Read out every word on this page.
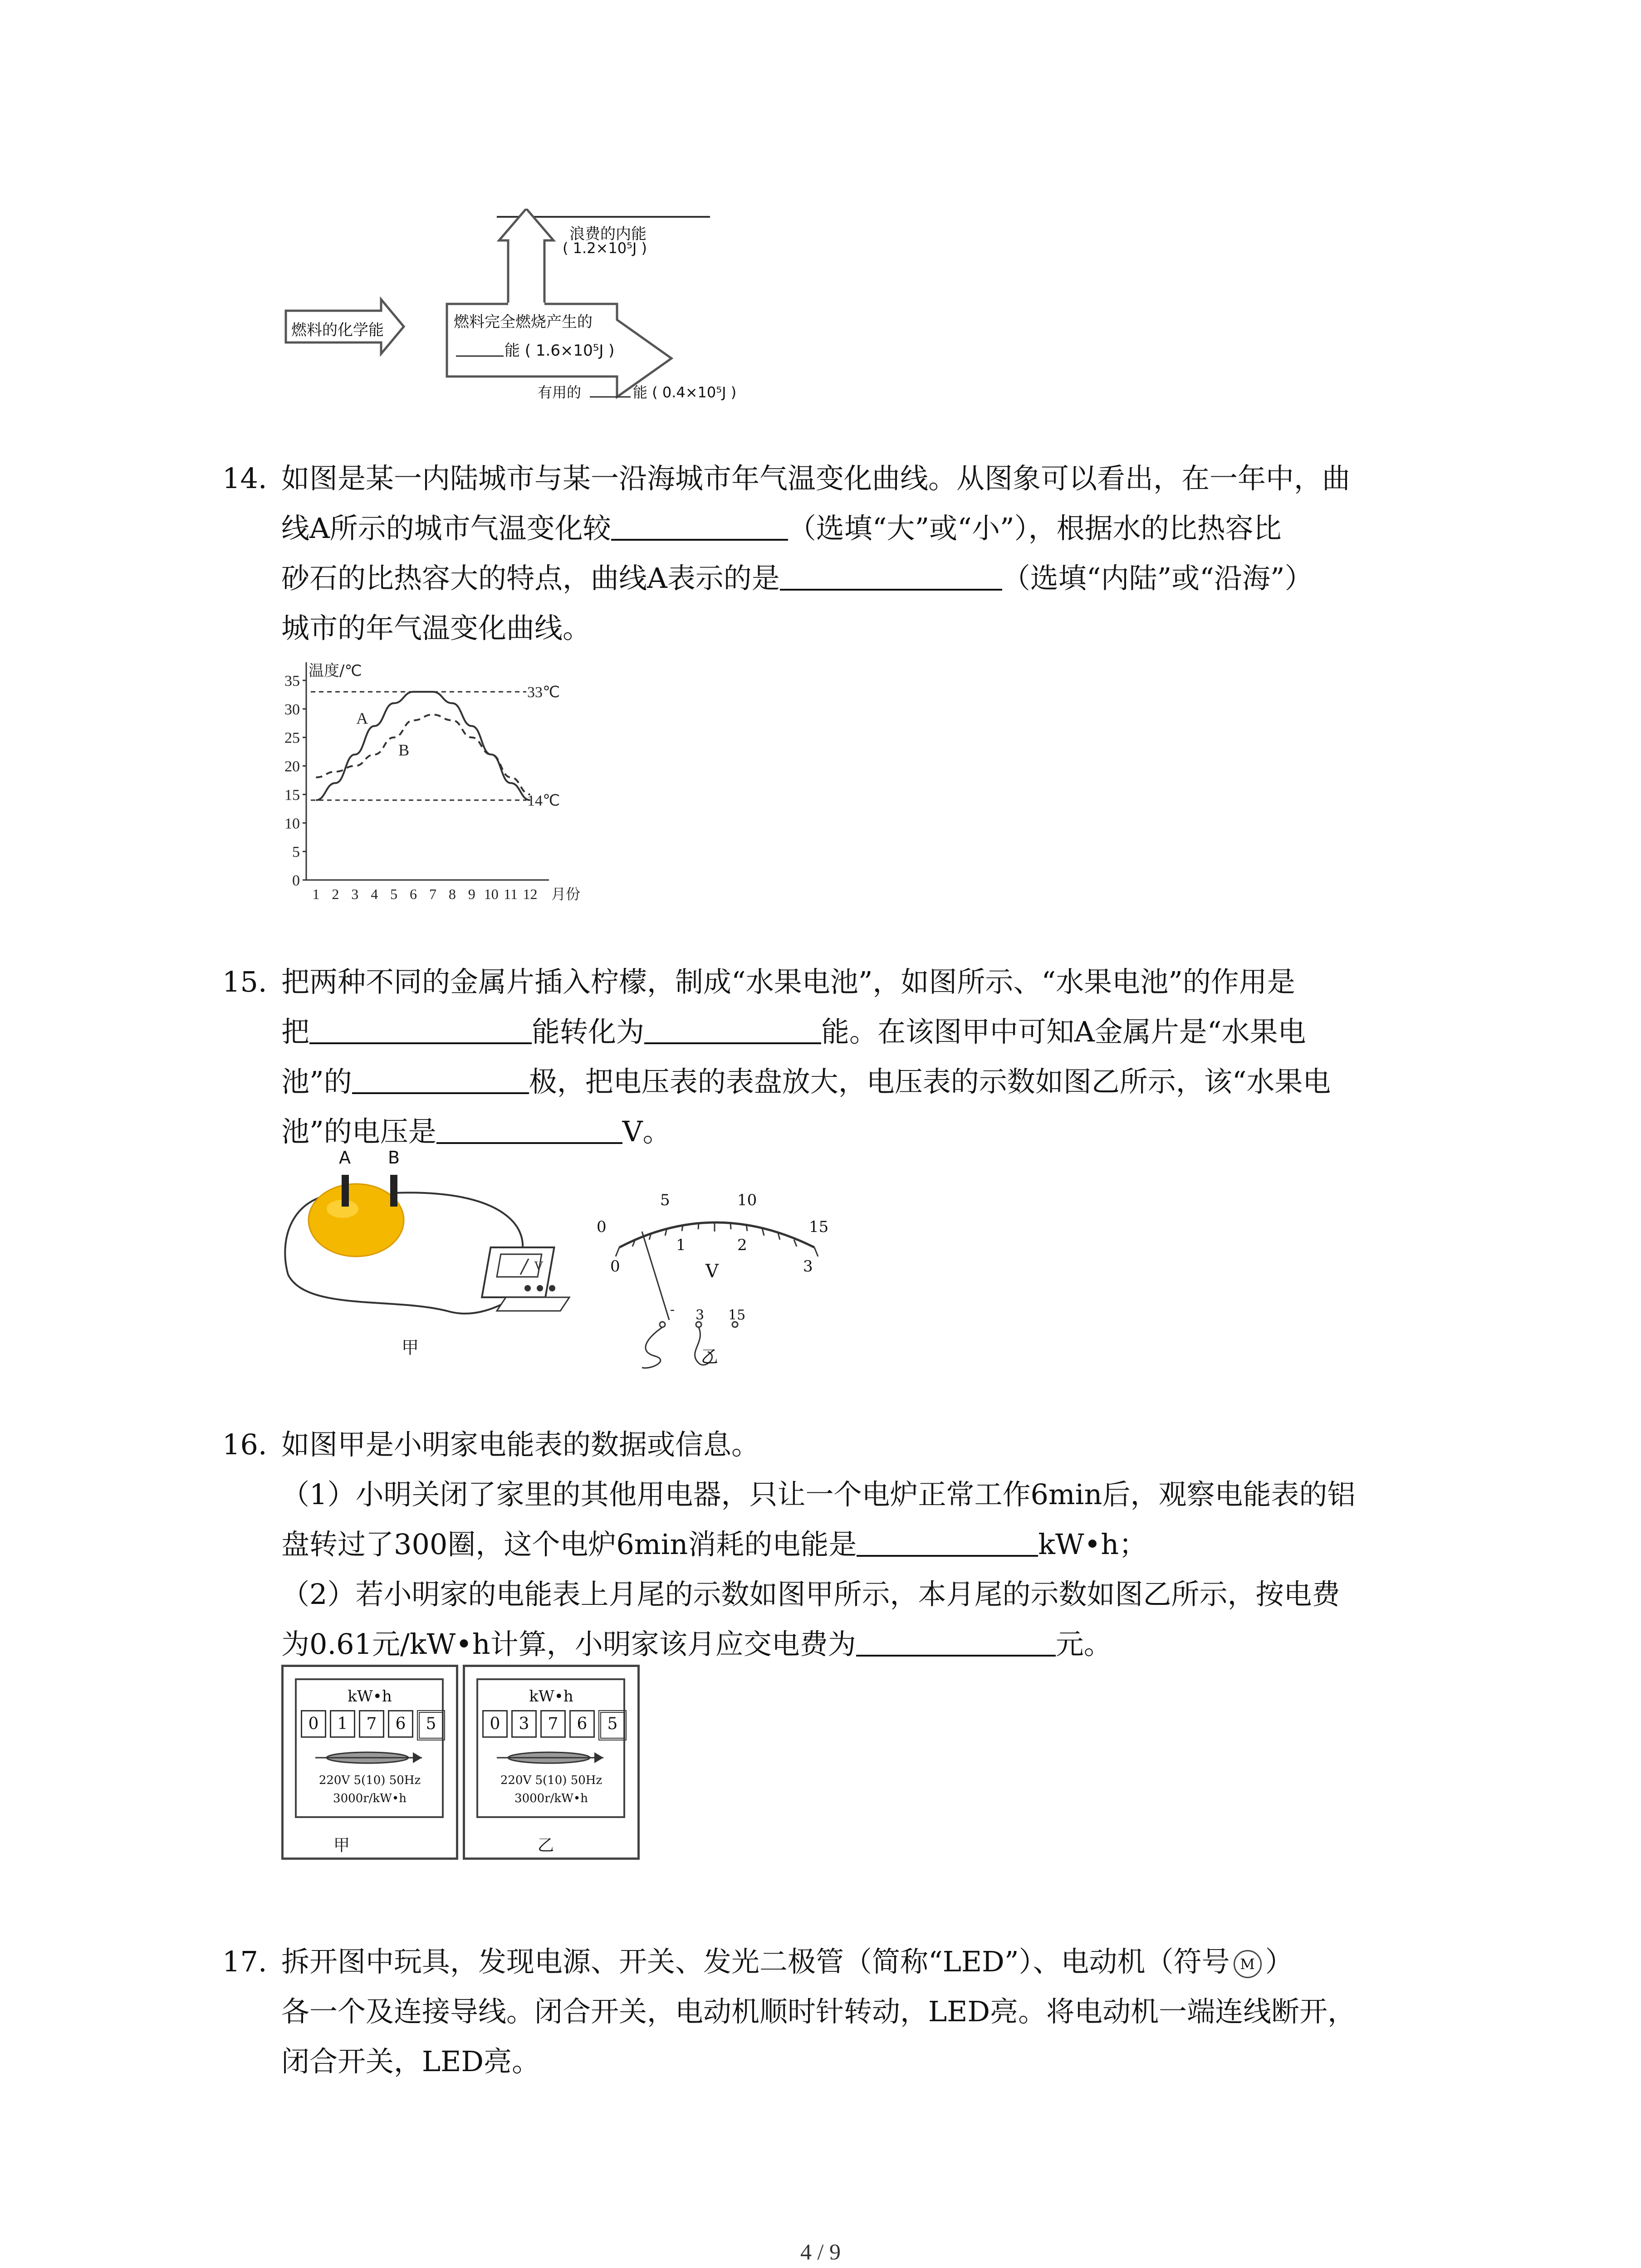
浪费的内能
( 1.2×10⁵J )
燃料的化学能	燃料完全燃烧产生的
能 ( 1.6×10⁵J )
有用的	能 ( 0.4×10⁵J )

14. 如图是某一内陆城市与某一沿海城市年气温变化曲线。从图象可以看出，在一年中，曲

线A所示的城市气温变化较	（选填“大”或“小”），根据水的比热容比

砂石的比热容大的特点，曲线A表示的是	（选填“内陆”或“沿海”）

城市的年气温变化曲线。

0
5
10
15
20
25
30
35
1 2 3 4 5 6 7 8 9 10 11 12
温度/℃
月份
33℃
14℃
A
B

15. 把两种不同的金属片插入柠檬，制成“水果电池”，如图所示、“水果电池”的作用是

把	能转化为	能。在该图甲中可知A金属片是“水果电

池”的	极，把电压表的表盘放大，电压表的示数如图乙所示，该“水果电

池”的电压是	V。

V
A B
甲
0
5	10
15
0
1	2
3
V
- 3 15
乙

16. 如图甲是小明家电能表的数据或信息。

（1）小明关闭了家里的其他用电器，只让一个电炉正常工作6min后，观察电能表的铝

盘转过了300圈，这个电炉6min消耗的电能是	kW•h；

（2）若小明家的电能表上月尾的示数如图甲所示，本月尾的示数如图乙所示，按电费

为0.61元/kW•h计算，小明家该月应交电费为	元。

kW•h
0	1	7	6	5
220V 5(10) 50Hz
3000r/kW•h
甲
kW•h
0	3	7	6	5
220V 5(10) 50Hz
3000r/kW•h
乙

17. 拆开图中玩具，发现电源、开关、发光二极管（简称“LED”）、电动机（符号 M ）

各一个及连接导线。闭合开关，电动机顺时针转动，LED亮。将电动机一端连线断开，

闭合开关，LED亮。

4 / 9
